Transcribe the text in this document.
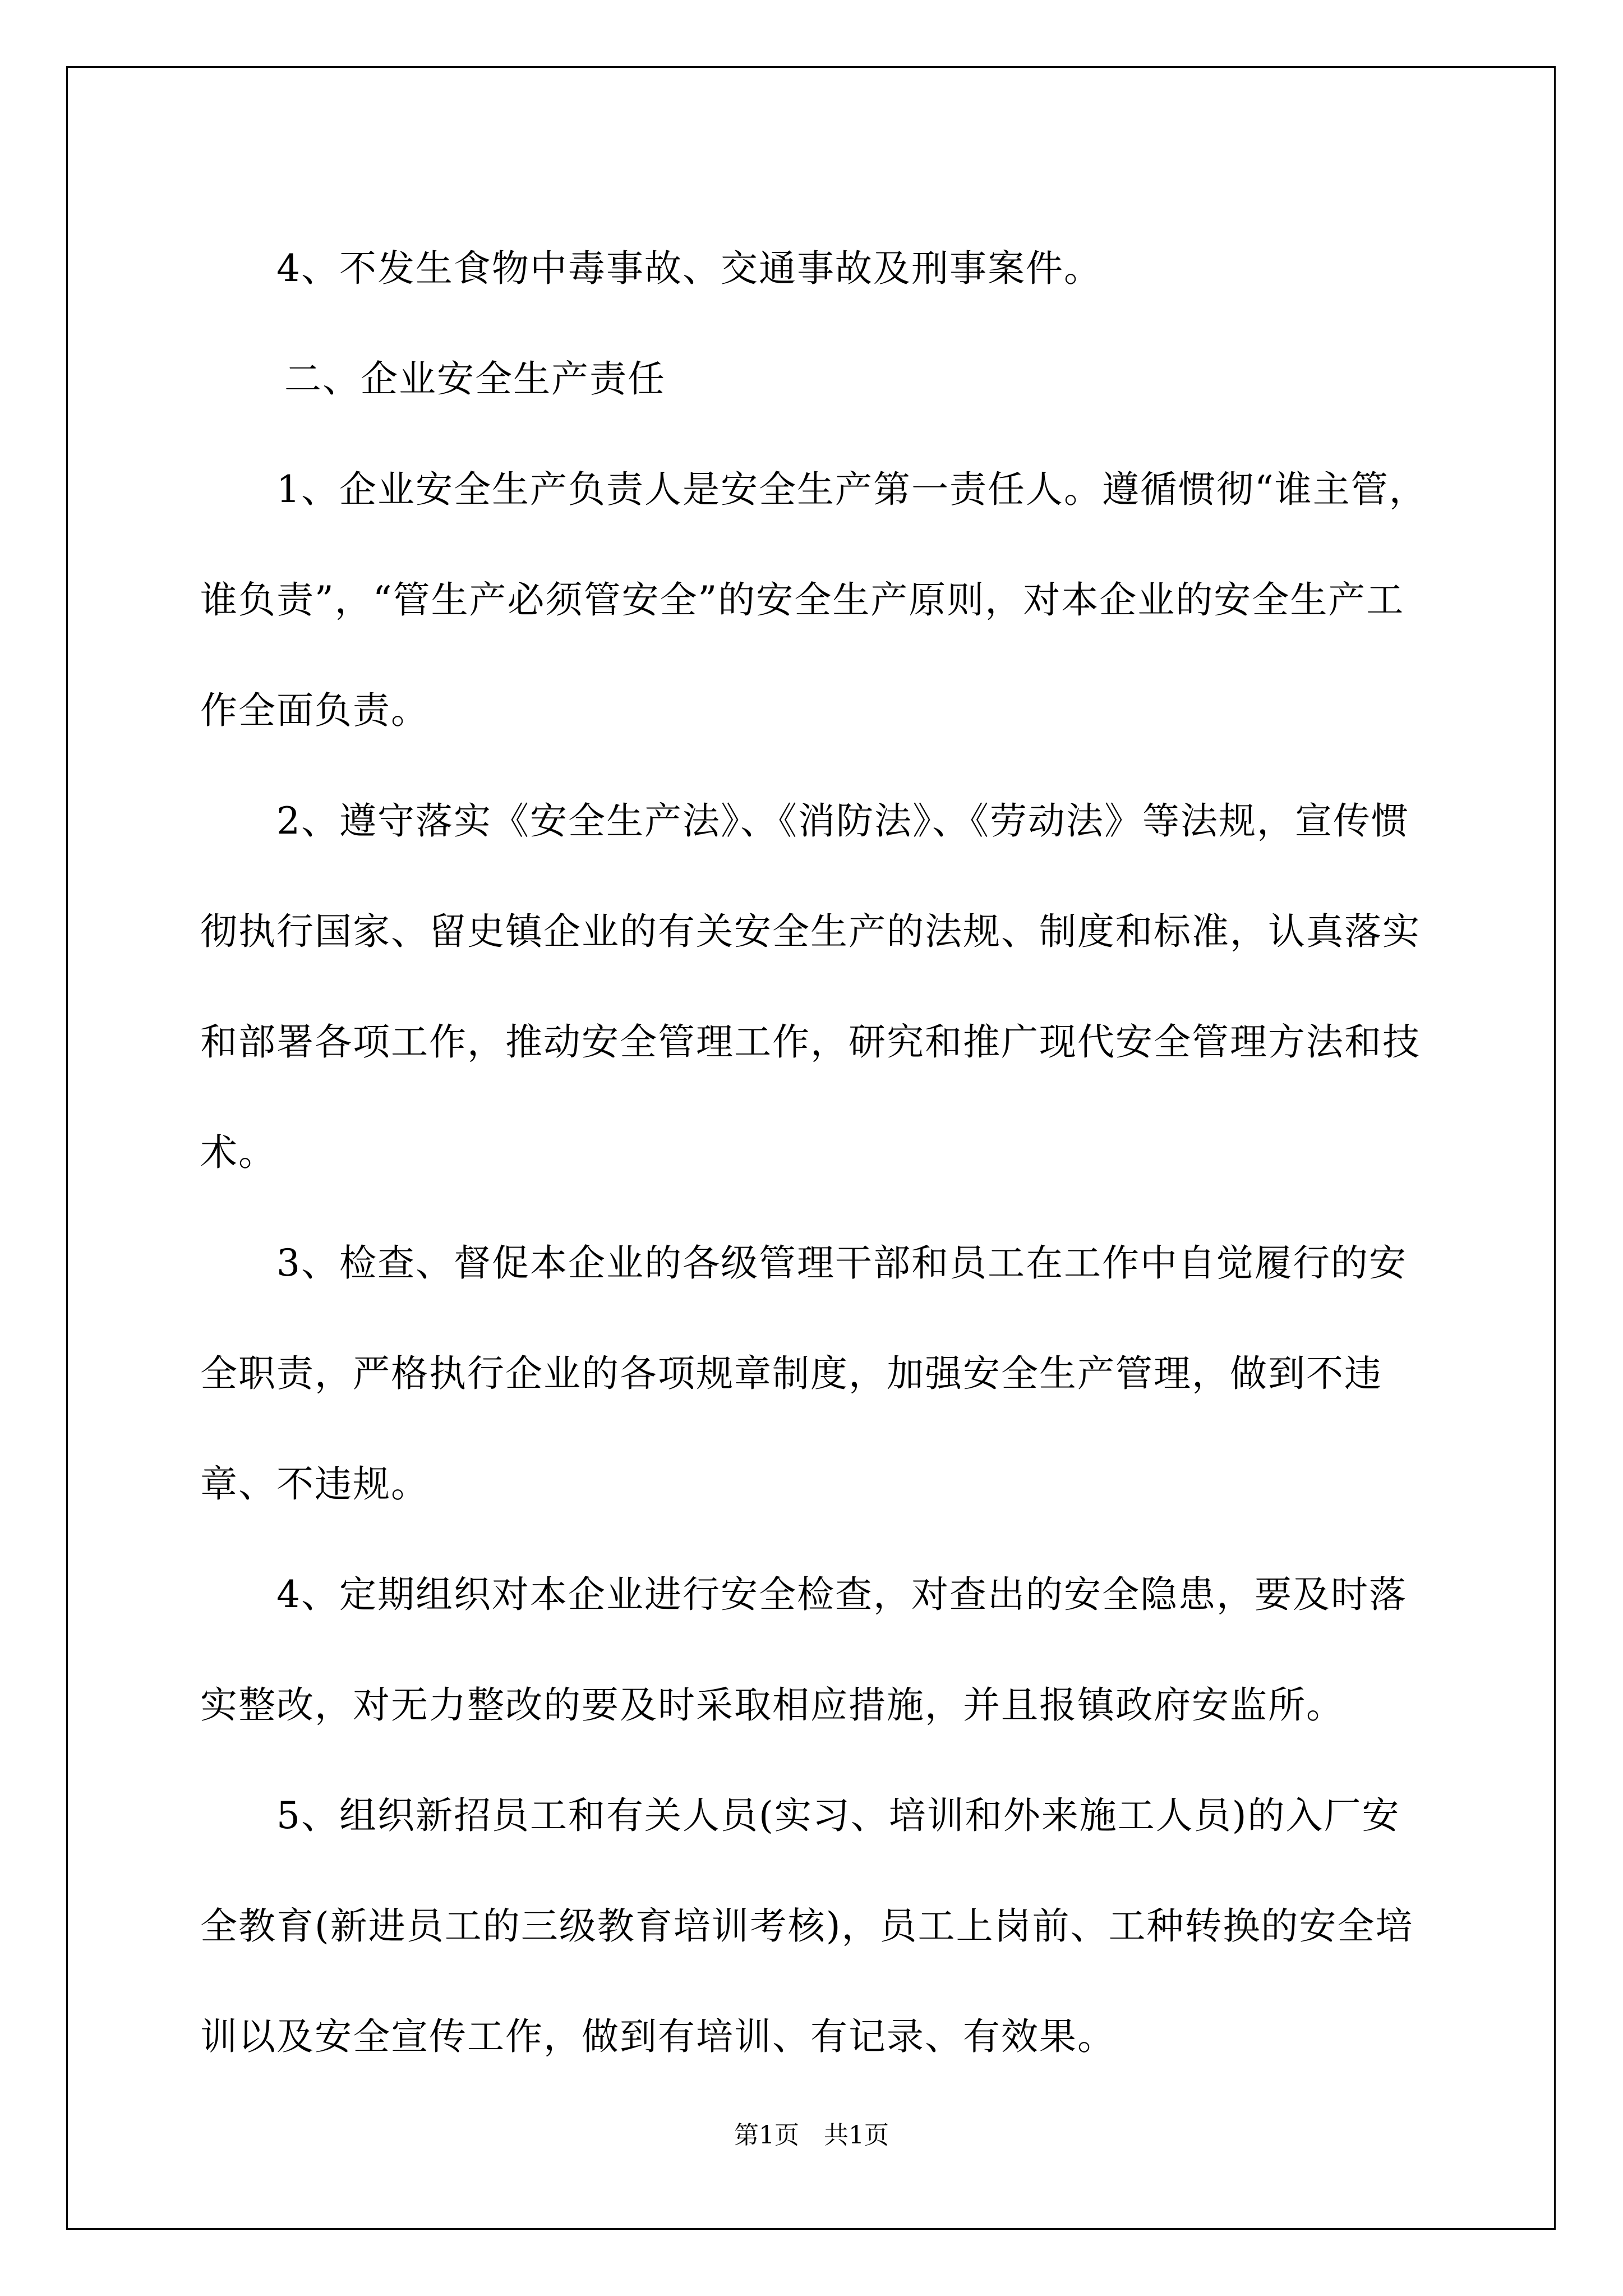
4、不发生食物中毒事故、交通事故及刑事案件。

二、企业安全生产责任

1、企业安全生产负责人是安全生产第一责任人。遵循惯彻“谁主管，谁负责”，“管生产必须管安全”的安全生产原则，对本企业的安全生产工作全面负责。

2、遵守落实《安全生产法》、《消防法》、《劳动法》等法规，宣传惯彻执行国家、留史镇企业的有关安全生产的法规、制度和标准，认真落实和部署各项工作，推动安全管理工作，研究和推广现代安全管理方法和技术。

3、检查、督促本企业的各级管理干部和员工在工作中自觉履行的安全职责，严格执行企业的各项规章制度，加强安全生产管理，做到不违章、不违规。

4、定期组织对本企业进行安全检查，对查出的安全隐患，要及时落实整改，对无力整改的要及时采取相应措施，并且报镇政府安监所。

5、组织新招员工和有关人员(实习、培训和外来施工人员)的入厂安全教育(新进员工的三级教育培训考核)，员工上岗前、工种转换的安全培训以及安全宣传工作，做到有培训、有记录、有效果。

第1页　共1页
